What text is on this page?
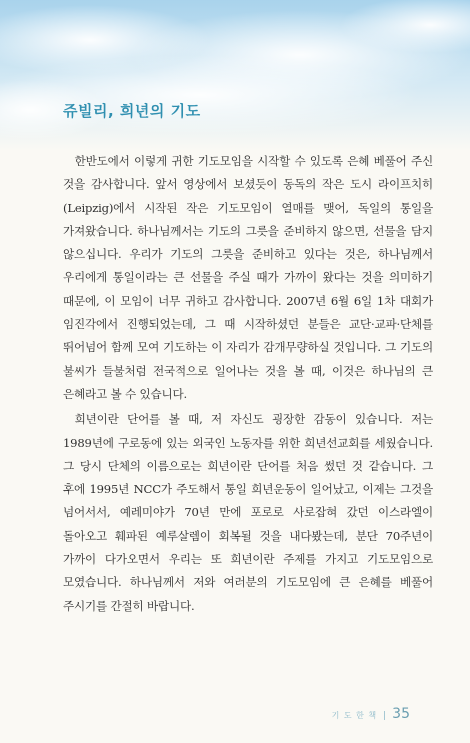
쥬빌리, 희년의 기도

한반도에서 이렇게 귀한 기도모임을 시작할 수 있도록 은혜 베풀어 주신 것을 감사합니다. 앞서 영상에서 보셨듯이 동독의 작은 도시 라이프치히(Leipzig)에서 시작된 작은 기도모임이 열매를 맺어, 독일의 통일을 가져왔습니다. 하나님께서는 기도의 그릇을 준비하지 않으면, 선물을 담지 않으십니다. 우리가 기도의 그릇을 준비하고 있다는 것은, 하나님께서 우리에게 통일이라는 큰 선물을 주실 때가 가까이 왔다는 것을 의미하기 때문에, 이 모임이 너무 귀하고 감사합니다. 2007년 6월 6일 1차 대회가 임진각에서 진행되었는데, 그 때 시작하셨던 분들은 교단·교파·단체를 뛰어넘어 함께 모여 기도하는 이 자리가 감개무량하실 것입니다. 그 기도의 불씨가 들불처럼 전국적으로 일어나는 것을 볼 때, 이것은 하나님의 큰 은혜라고 볼 수 있습니다.

희년이란 단어를 볼 때, 저 자신도 굉장한 감동이 있습니다. 저는 1989년에 구로동에 있는 외국인 노동자를 위한 희년선교회를 세웠습니다. 그 당시 단체의 이름으로는 희년이란 단어를 처음 썼던 것 같습니다. 그 후에 1995년 NCC가 주도해서 통일 희년운동이 일어났고, 이제는 그것을 넘어서서, 예레미야가 70년 만에 포로로 사로잡혀 갔던 이스라엘이 돌아오고 훼파된 예루살렘이 회복될 것을 내다봤는데, 분단 70주년이 가까이 다가오면서 우리는 또 희년이란 주제를 가지고 기도모임으로 모였습니다. 하나님께서 저와 여러분의 기도모임에 큰 은혜를 베풀어 주시기를 간절히 바랍니다.

기 도 한 책 | 35
